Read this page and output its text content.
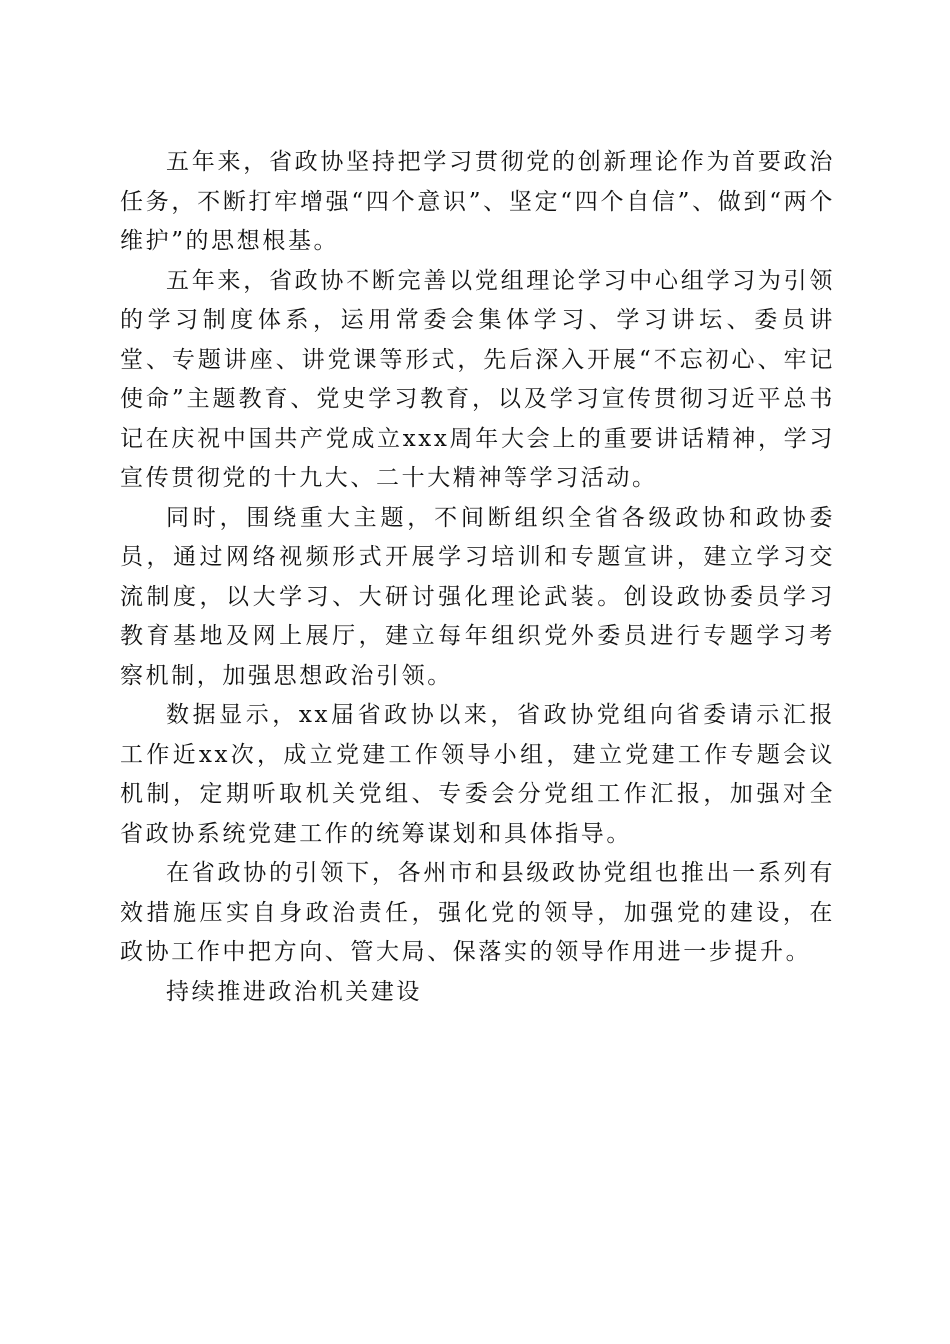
五年来，省政协坚持把学习贯彻党的创新理论作为首要政治任务，不断打牢增强“四个意识”、坚定“四个自信”、做到“两个维护”的思想根基。

五年来，省政协不断完善以党组理论学习中心组学习为引领的学习制度体系，运用常委会集体学习、学习讲坛、委员讲堂、专题讲座、讲党课等形式，先后深入开展“不忘初心、牢记使命”主题教育、党史学习教育，以及学习宣传贯彻习近平总书记在庆祝中国共产党成立xxx周年大会上的重要讲话精神，学习宣传贯彻党的十九大、二十大精神等学习活动。

同时，围绕重大主题，不间断组织全省各级政协和政协委员，通过网络视频形式开展学习培训和专题宣讲，建立学习交流制度，以大学习、大研讨强化理论武装。创设政协委员学习教育基地及网上展厅，建立每年组织党外委员进行专题学习考察机制，加强思想政治引领。

数据显示，xx届省政协以来，省政协党组向省委请示汇报工作近xx次，成立党建工作领导小组，建立党建工作专题会议机制，定期听取机关党组、专委会分党组工作汇报，加强对全省政协系统党建工作的统筹谋划和具体指导。

在省政协的引领下，各州市和县级政协党组也推出一系列有效措施压实自身政治责任，强化党的领导，加强党的建设，在政协工作中把方向、管大局、保落实的领导作用进一步提升。

持续推进政治机关建设
